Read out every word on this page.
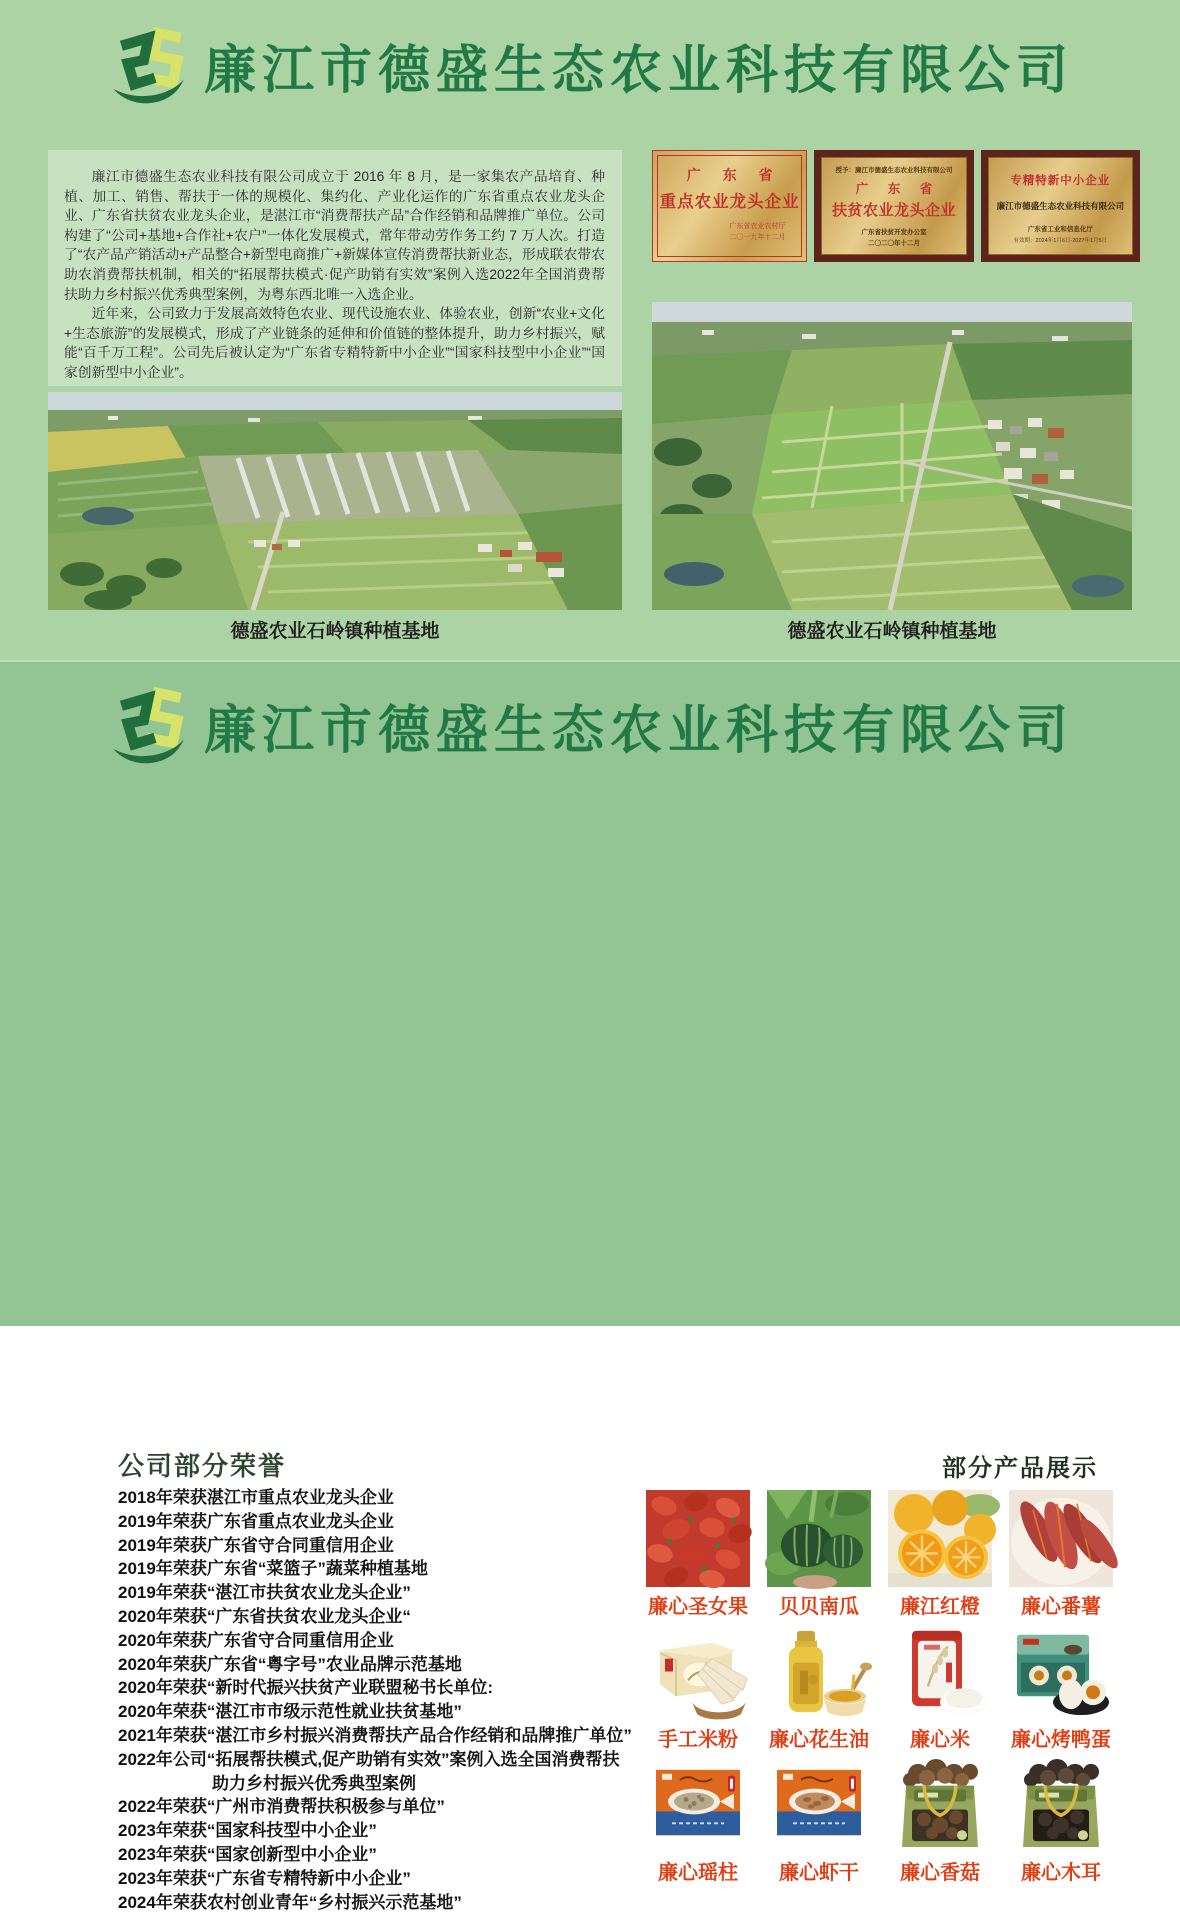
廉江市德盛生态农业科技有限公司

廉江市德盛生态农业科技有限公司成立于 2016 年 8 月，是一家集农产品培育、种植、加工、销售、帮扶于一体的规模化、集约化、产业化运作的广东省重点农业龙头企业、广东省扶贫农业龙头企业，是湛江市“消费帮扶产品”合作经销和品牌推广单位。公司构建了“公司+基地+合作社+农户”一体化发展模式，常年带动劳作务工约 7 万人次。打造了“农产品产销活动+产品整合+新型电商推广+新媒体宣传消费帮扶新业态，形成联农带农助农消费帮扶机制，相关的“拓展帮扶模式·促产助销有实效”案例入选2022年全国消费帮扶助力乡村振兴优秀典型案例，为粤东西北唯一入选企业。

近年来，公司致力于发展高效特色农业、现代设施农业、体验农业，创新“农业+文化+生态旅游”的发展模式，形成了产业链条的延伸和价值链的整体提升，助力乡村振兴，赋能“百千万工程”。公司先后被认定为“广东省专精特新中小企业”“国家科技型中小企业”“国家创新型中小企业”。

广 东 省
重点农业龙头企业
广东省农业农村厅
二〇一九年十二月
授予：廉江市德盛生态农业科技有限公司
广 东 省
扶贫农业龙头企业
广东省扶贫开发办公室
二〇二〇年十二月
专精特新中小企业
廉江市德盛生态农业科技有限公司
广东省工业和信息化厅
有效期：2024年1月6日-2027年1月5日
德盛农业石岭镇种植基地	德盛农业石岭镇种植基地
廉江市德盛生态农业科技有限公司
公司部分荣誉
2018年荣获湛江市重点农业龙头企业
2019年荣获广东省重点农业龙头企业
2019年荣获广东省守合同重信用企业
2019年荣获广东省“菜篮子”蔬菜种植基地
2019年荣获“湛江市扶贫农业龙头企业”
2020年荣获“广东省扶贫农业龙头企业“
2020年荣获广东省守合同重信用企业
2020年荣获广东省“粤字号”农业品牌示范基地
2020年荣获“新时代振兴扶贫产业联盟秘书长单位:
2020年荣获“湛江市市级示范性就业扶贫基地”
2021年荣获“湛江市乡村振兴消费帮扶产品合作经销和品牌推广单位”
2022年公司“拓展帮扶模式,促产助销有实效”案例入选全国消费帮扶
助力乡村振兴优秀典型案例
2022年荣获“广州市消费帮扶积极参与单位”
2023年荣获“国家科技型中小企业”
2023年荣获“国家创新型中小企业”
2023年荣获“广东省专精特新中小企业”
2024年荣获农村创业青年“乡村振兴示范基地”
部分产品展示
廉心圣女果	贝贝南瓜	廉江红橙	廉心番薯
手工米粉	廉心花生油	廉心米	廉心烤鸭蛋
廉心瑶柱	廉心虾干	廉心香菇	廉心木耳
